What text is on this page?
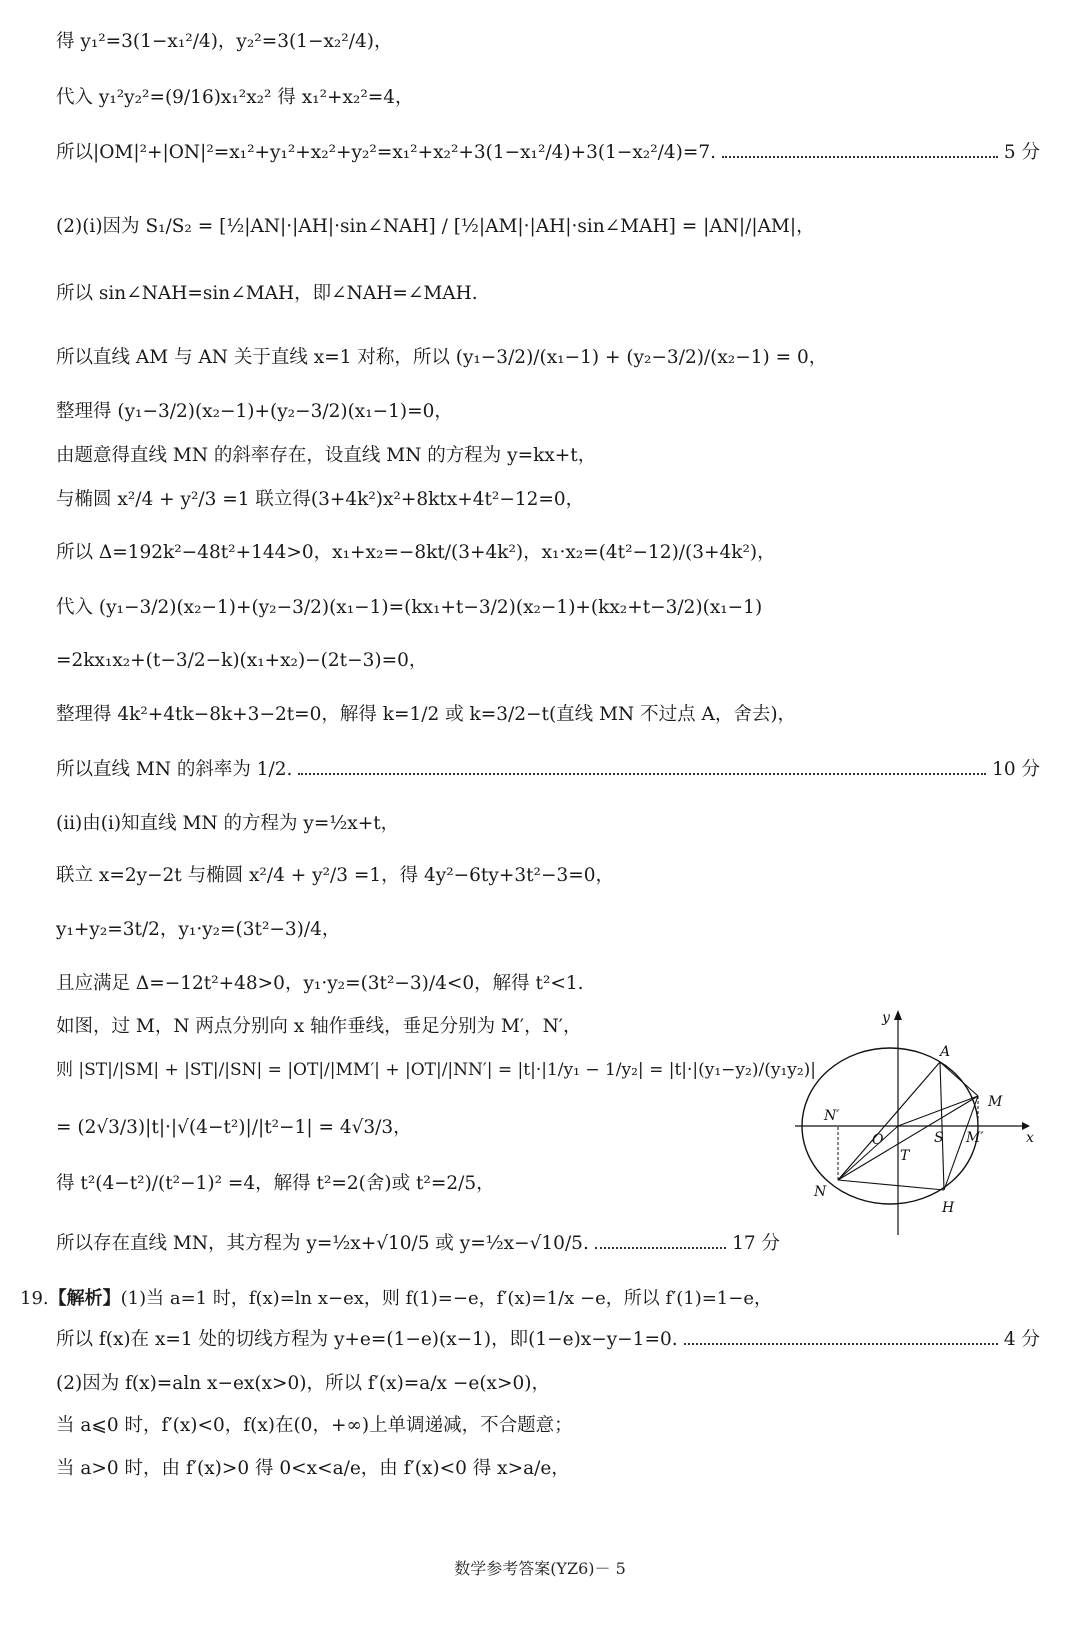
得 y₁²=3(1−x₁²/4)，y₂²=3(1−x₂²/4)，
代入 y₁²y₂²=(9/16)x₁²x₂² 得 x₁²+x₂²=4，
所以|OM|²+|ON|²=x₁²+y₁²+x₂²+y₂²=x₁²+x₂²+3(1−x₁²/4)+3(1−x₂²/4)=7.	5 分
(2)(ⅰ)因为 S₁/S₂ = [½|AN|·|AH|·sin∠NAH] / [½|AM|·|AH|·sin∠MAH] = |AN|/|AM|，
所以 sin∠NAH=sin∠MAH，即∠NAH=∠MAH.
所以直线 AM 与 AN 关于直线 x=1 对称，所以 (y₁−3/2)/(x₁−1) + (y₂−3/2)/(x₂−1) = 0，
整理得 (y₁−3/2)(x₂−1)+(y₂−3/2)(x₁−1)=0，
由题意得直线 MN 的斜率存在，设直线 MN 的方程为 y=kx+t，
与椭圆 x²/4 + y²/3 =1 联立得(3+4k²)x²+8ktx+4t²−12=0，
所以 Δ=192k²−48t²+144>0，x₁+x₂=−8kt/(3+4k²)，x₁·x₂=(4t²−12)/(3+4k²)，
代入 (y₁−3/2)(x₂−1)+(y₂−3/2)(x₁−1)=(kx₁+t−3/2)(x₂−1)+(kx₂+t−3/2)(x₁−1)
=2kx₁x₂+(t−3/2−k)(x₁+x₂)−(2t−3)=0，
整理得 4k²+4tk−8k+3−2t=0，解得 k=1/2 或 k=3/2−t(直线 MN 不过点 A，舍去)，
所以直线 MN 的斜率为 1/2.	10 分
(ⅱ)由(ⅰ)知直线 MN 的方程为 y=½x+t，
联立 x=2y−2t 与椭圆 x²/4 + y²/3 =1，得 4y²−6ty+3t²−3=0，
y₁+y₂=3t/2，y₁·y₂=(3t²−3)/4，
且应满足 Δ=−12t²+48>0，y₁·y₂=(3t²−3)/4<0，解得 t²<1.
如图，过 M，N 两点分别向 x 轴作垂线，垂足分别为 M′，N′，
则 |ST|/|SM| + |ST|/|SN| = |OT|/|MM′| + |OT|/|NN′| = |t|·|1/y₁ − 1/y₂| = |t|·|(y₁−y₂)/(y₁y₂)|
= (2√3/3)|t|·|√(4−t²)|/|t²−1| = 4√3/3，
得 t²(4−t²)/(t²−1)² =4，解得 t²=2(舍)或 t²=2/5，
所以存在直线 MN，其方程为 y=½x+√10/5 或 y=½x−√10/5.	17 分
19.【解析】(1)当 a=1 时，f(x)=ln x−ex，则 f(1)=−e，f′(x)=1/x −e，所以 f′(1)=1−e，
所以 f(x)在 x=1 处的切线方程为 y+e=(1−e)(x−1)，即(1−e)x−y−1=0.	4 分
(2)因为 f(x)=aln x−ex(x>0)，所以 f′(x)=a/x −e(x>0)，
当 a⩽0 时，f′(x)<0，f(x)在(0，+∞)上单调递减，不合题意；
当 a>0 时，由 f′(x)>0 得 0<x<a/e，由 f′(x)<0 得 x>a/e，
y
x
A
M
N′
O	S M′
T
N
H
数学参考答案(YZ6)－ 5
